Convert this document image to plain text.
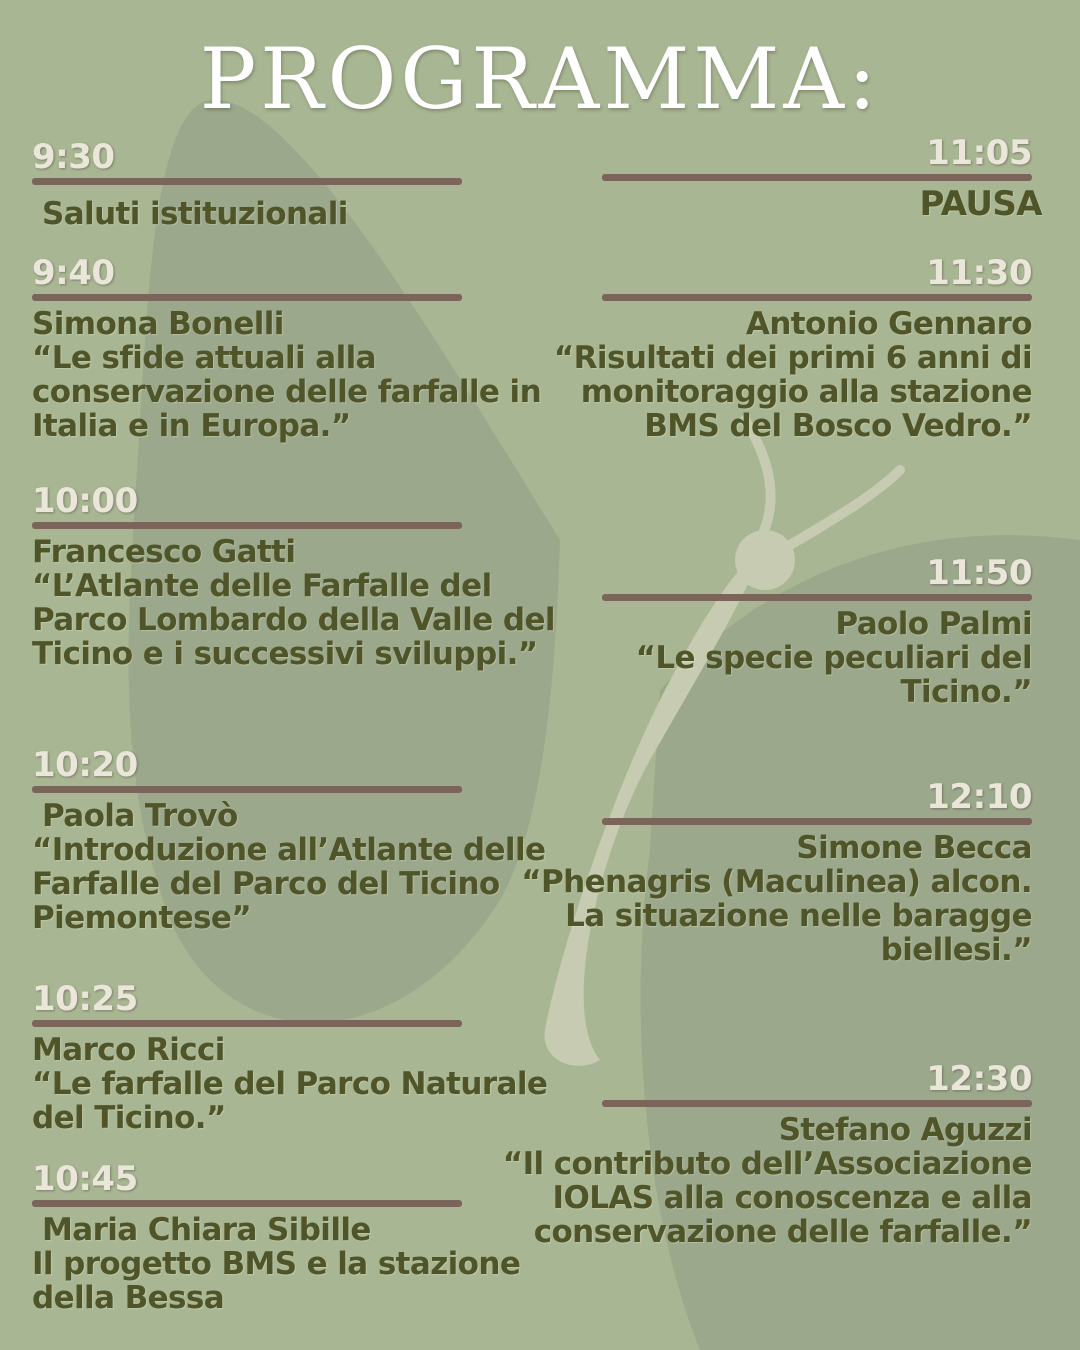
PROGRAMMA:
9:30
Saluti istituzionali
9:40
Simona Bonelli
“Le sfide attuali alla conservazione delle farfalle in Italia e in Europa.”
10:00
Francesco Gatti
“L’Atlante delle Farfalle del Parco Lombardo della Valle del Ticino e i successivi sviluppi.”
10:20
Paola Trovò
“Introduzione all’Atlante delle Farfalle del Parco del Ticino Piemontese”
10:25
Marco Ricci
“Le farfalle del Parco Naturale del Ticino.”
10:45
Maria Chiara Sibille
Il progetto BMS e la stazione della Bessa
11:05
PAUSA
11:30
Antonio Gennaro
“Risultati dei primi 6 anni di monitoraggio alla stazione BMS del Bosco Vedro.”
11:50
Paolo Palmi
“Le specie peculiari del Ticino.”
12:10
Simone Becca
“Phenagris (Maculinea) alcon. La situazione nelle baragge biellesi.”
12:30
Stefano Aguzzi
“Il contributo dell’Associazione IOLAS alla conoscenza e alla conservazione delle farfalle.”
